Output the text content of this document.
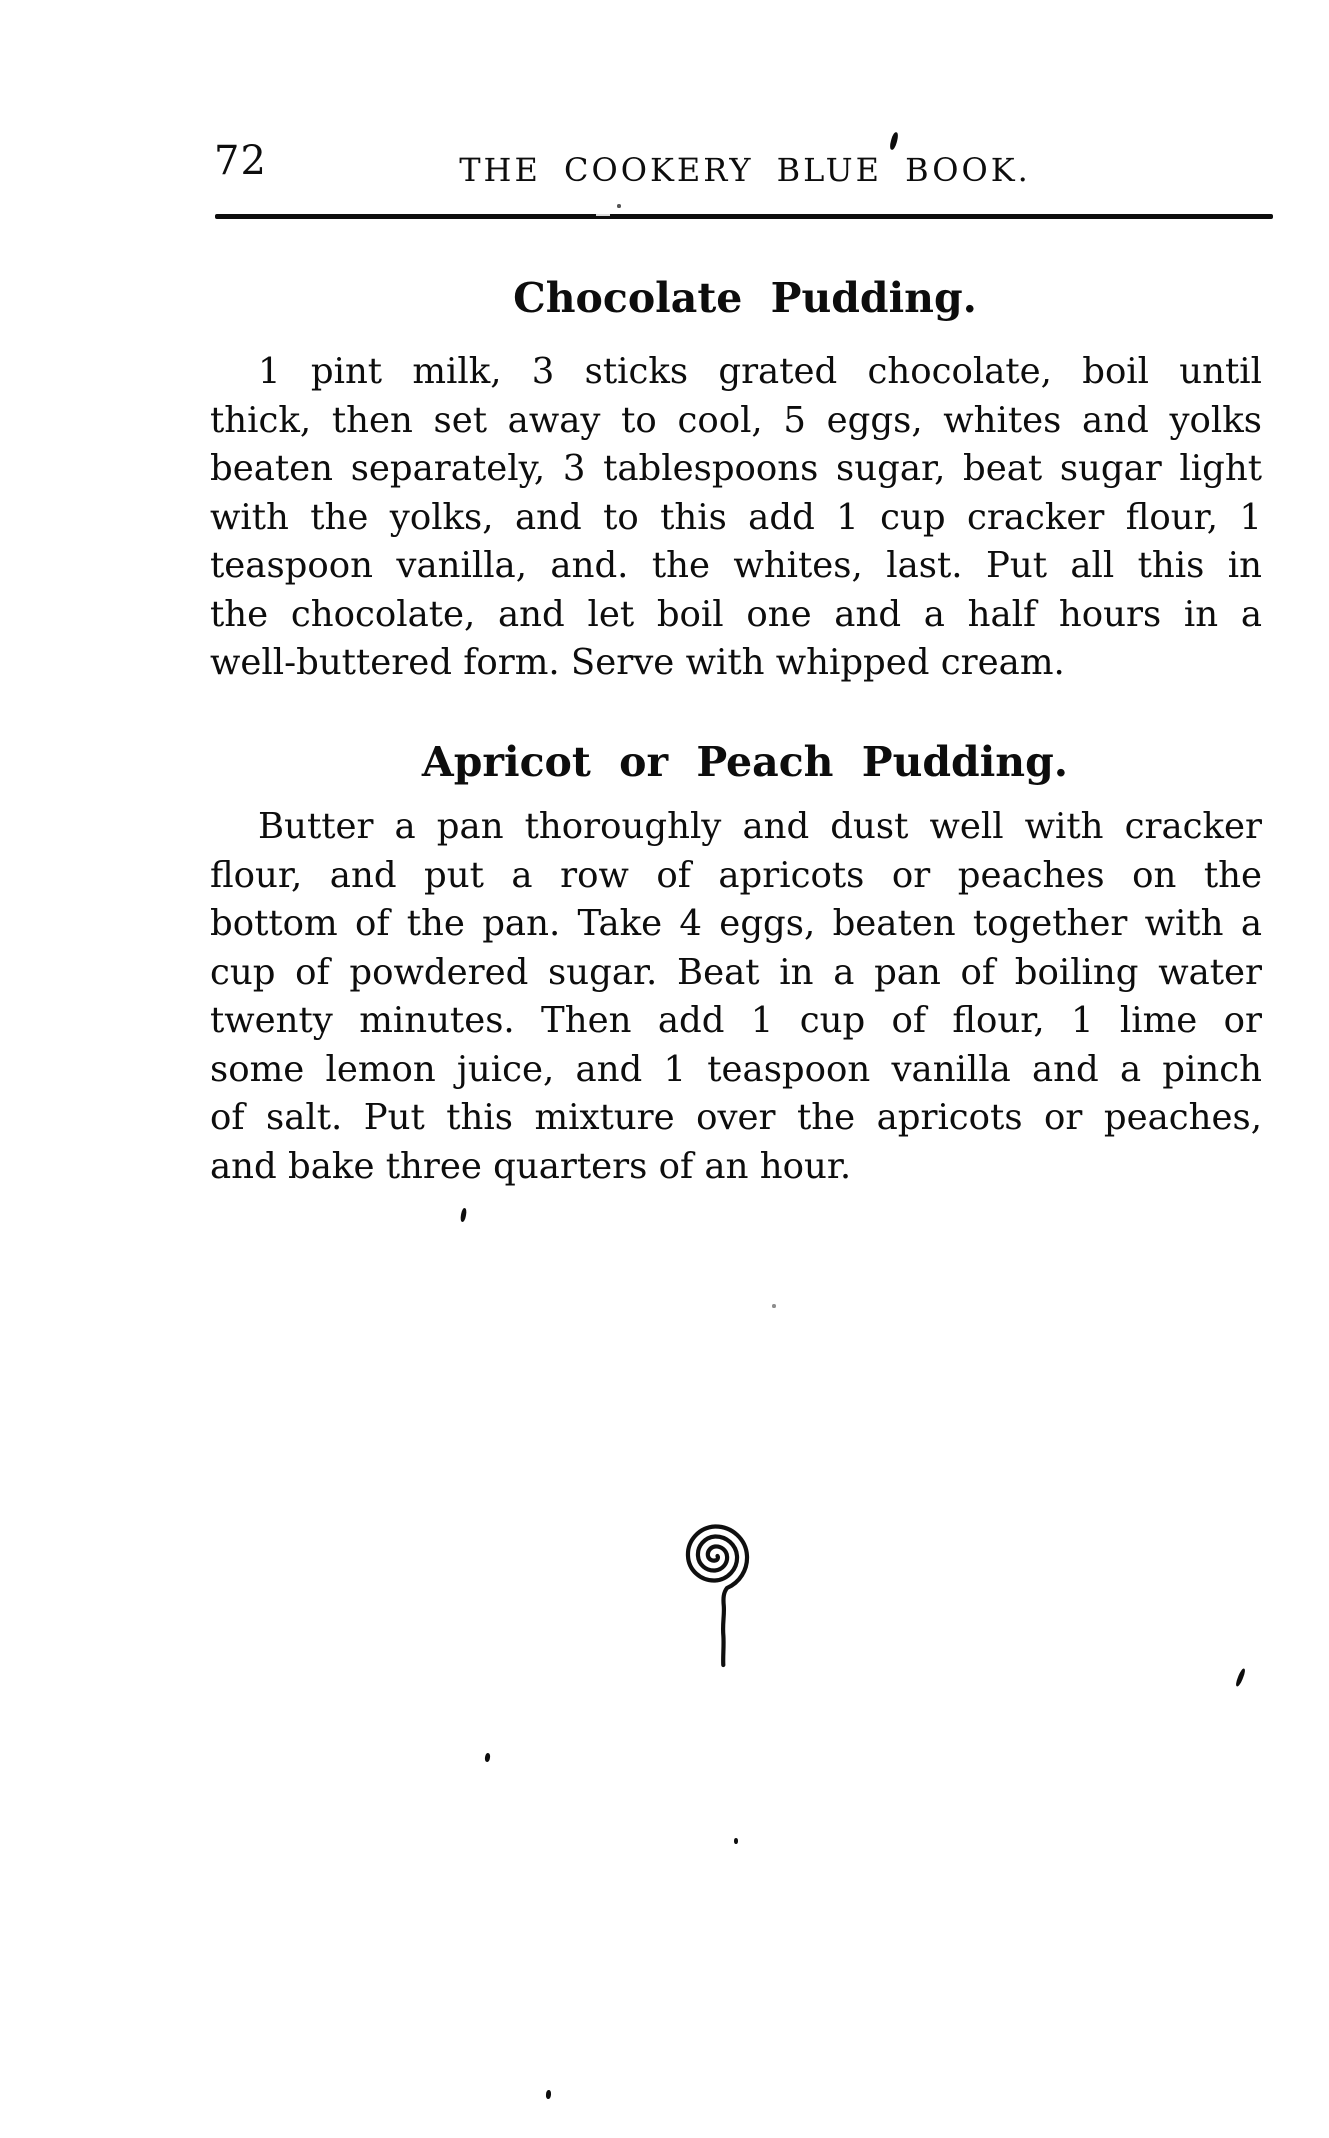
72	THE COOKERY BLUE BOOK.
Chocolate Pudding.
1 pint milk, 3 sticks grated chocolate, boil until
thick, then set away to cool, 5 eggs, whites and yolks
beaten separately, 3 tablespoons sugar, beat sugar light
with the yolks, and to this add 1 cup cracker flour, 1
teaspoon vanilla, and. the whites, last. Put all this in
the chocolate, and let boil one and a half hours in a
well-buttered form. Serve with whipped cream.
Apricot or Peach Pudding.
Butter a pan thoroughly and dust well with cracker
flour, and put a row of apricots or peaches on the
bottom of the pan. Take 4 eggs, beaten together with a
cup of powdered sugar. Beat in a pan of boiling water
twenty minutes. Then add 1 cup of flour, 1 lime or
some lemon juice, and 1 teaspoon vanilla and a pinch
of salt. Put this mixture over the apricots or peaches,
and bake three quarters of an hour.
